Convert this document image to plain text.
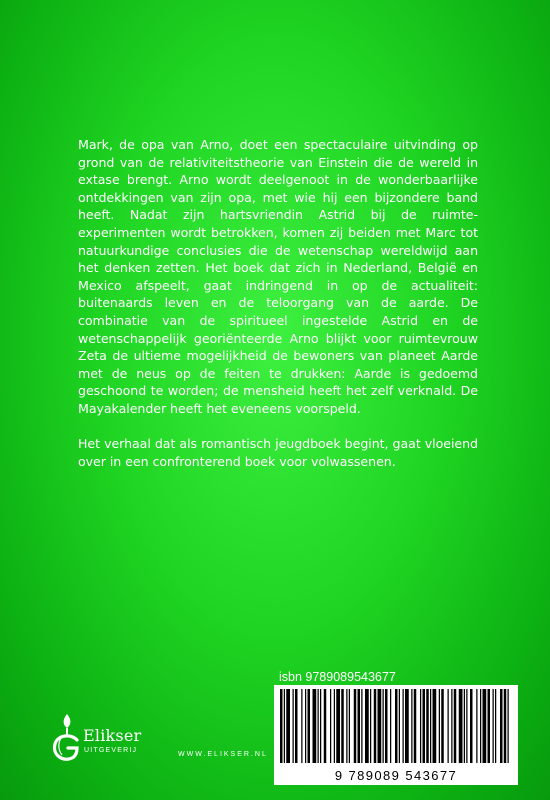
Mark, de opa van Arno, doet een spectaculaire uitvinding op grond van de relativiteitstheorie van Einstein die de wereld in extase brengt. Arno wordt deelgenoot in de wonderbaarlijke ontdekkingen van zijn opa, met wie hij een bijzondere band heeft. Nadat zijn hartsvriendin Astrid bij de ruimte-experimenten wordt betrokken, komen zij beiden met Marc tot natuurkundige conclusies die de wetenschap wereldwijd aan het denken zetten. Het boek dat zich in Nederland, België en Mexico afspeelt, gaat indringend in op de actualiteit: buitenaards leven en de teloorgang van de aarde. De combinatie van de spiritueel ingestelde Astrid en de wetenschappelijk georiënteerde Arno blijkt voor ruimtevrouw Zeta de ultieme mogelijkheid de bewoners van planeet Aarde met de neus op de feiten te drukken: Aarde is gedoemd geschoond te worden; de mensheid heeft het zelf verknald. De Mayakalender heeft het eveneens voorspeld.

Het verhaal dat als romantisch jeugdboek begint, gaat vloeiend over in een confronterend boek voor volwassenen.

isbn 9789089543677
9 789089 543677
Elikser
UITGEVERIJ
WWW.ELIKSER.NL
